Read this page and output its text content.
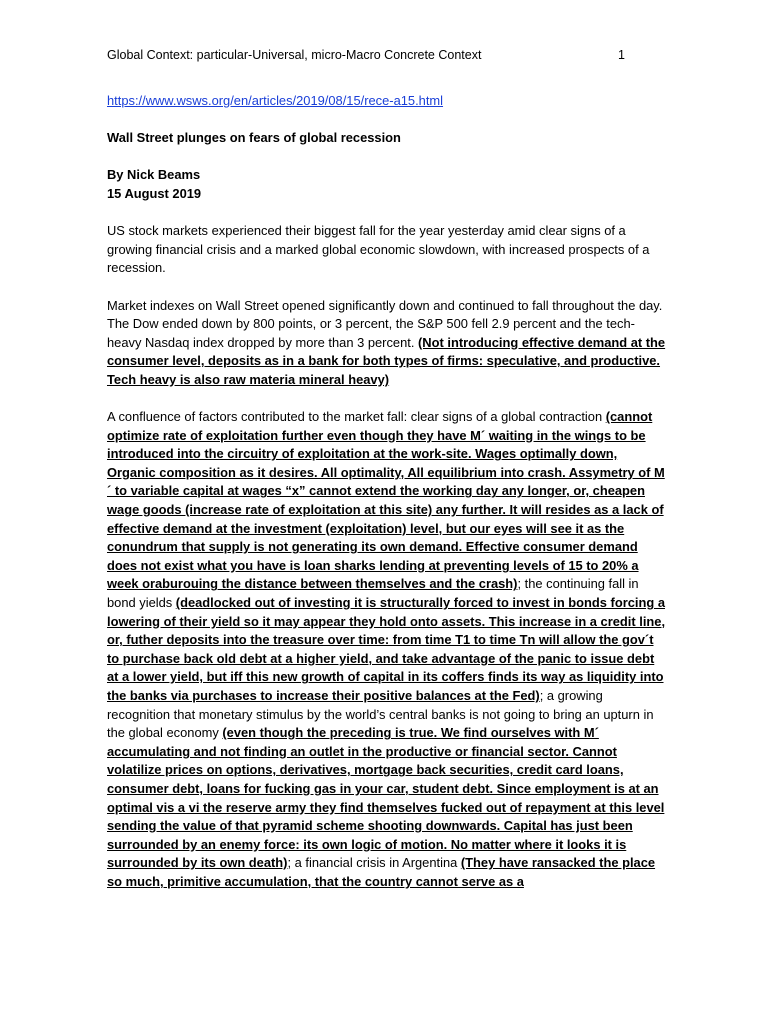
Global Context: particular-Universal, micro-Macro Concrete Context	1

https://www.wsws.org/en/articles/2019/08/15/rece-a15.html

Wall Street plunges on fears of global recession

By Nick Beams
15 August 2019

US stock markets experienced their biggest fall for the year yesterday amid clear signs of a growing financial crisis and a marked global economic slowdown, with increased prospects of a recession.

Market indexes on Wall Street opened significantly down and continued to fall throughout the day. The Dow ended down by 800 points, or 3 percent, the S&P 500 fell 2.9 percent and the tech-heavy Nasdaq index dropped by more than 3 percent. (Not introducing effective demand at the consumer level, deposits as in a bank for both types of firms: speculative, and productive. Tech heavy is also raw materia mineral heavy)

A confluence of factors contributed to the market fall: clear signs of a global contraction (cannot optimize rate of exploitation further even though they have M´ waiting in the wings to be introduced into the circuitry of exploitation at the work-site. Wages optimally down, Organic composition as it desires. All optimality, All equilibrium into crash. Assymetry of M´ to variable capital at wages “x” cannot extend the working day any longer, or, cheapen wage goods (increase rate of exploitation at this site) any further. It will resides as a lack of effective demand at the investment (exploitation) level, but our eyes will see it as the conundrum that supply is not generating its own demand. Effective consumer demand does not exist what you have is loan sharks lending at preventing levels of 15 to 20% a week oraburouing the distance between themselves and the crash); the continuing fall in bond yields (deadlocked out of investing it is structurally forced to invest in bonds forcing a lowering of their yield so it may appear they hold onto assets. This increase in a credit line, or, futher deposits into the treasure over time: from time T1 to time Tn will allow the gov´t to purchase back old debt at a higher yield, and take advantage of the panic to issue debt at a lower yield, but iff this new growth of capital in its coffers finds its way as liquidity into the banks via purchases to increase their positive balances at the Fed); a growing recognition that monetary stimulus by the world’s central banks is not going to bring an upturn in the global economy (even though the preceding is true. We find ourselves with M´ accumulating and not finding an outlet in the productive or financial sector. Cannot volatilize prices on options, derivatives, mortgage back securities, credit card loans, consumer debt, loans for fucking gas in your car, student debt. Since employment is at an optimal vis a vi the reserve army they find themselves fucked out of repayment at this level sending the value of that pyramid scheme shooting downwards. Capital has just been surrounded by an enemy force: its own logic of motion. No matter where it looks it is surrounded by its own death); a financial crisis in Argentina (They have ransacked the place so much, primitive accumulation, that the country cannot serve as a
